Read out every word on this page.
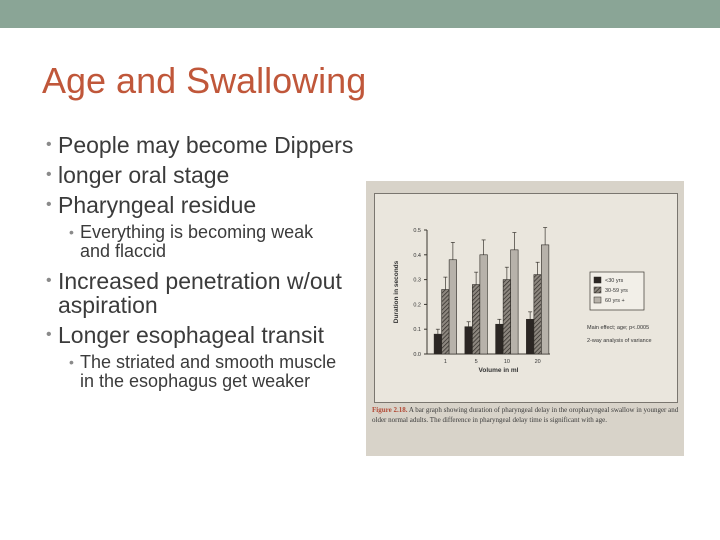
Age and Swallowing
• People may become Dippers
• longer oral stage
• Pharyngeal residue
• Everything is becoming weak and flaccid
• Increased penetration w/out aspiration
• Longer esophageal transit
• The striated and smooth muscle in the esophagus get weaker
0.0
0.1
0.2
0.3
0.4
0.5
Duration in seconds
1	5	10	20
Volume in ml
<30 yrs
30-59 yrs
60 yrs +
Main effect; age; p<.0005
2-way analysis of variance
Figure 2.18. A bar graph showing duration of pharyngeal delay in the oropharyngeal swallow in younger and older normal adults. The difference in pharyngeal delay time is significant with age.
